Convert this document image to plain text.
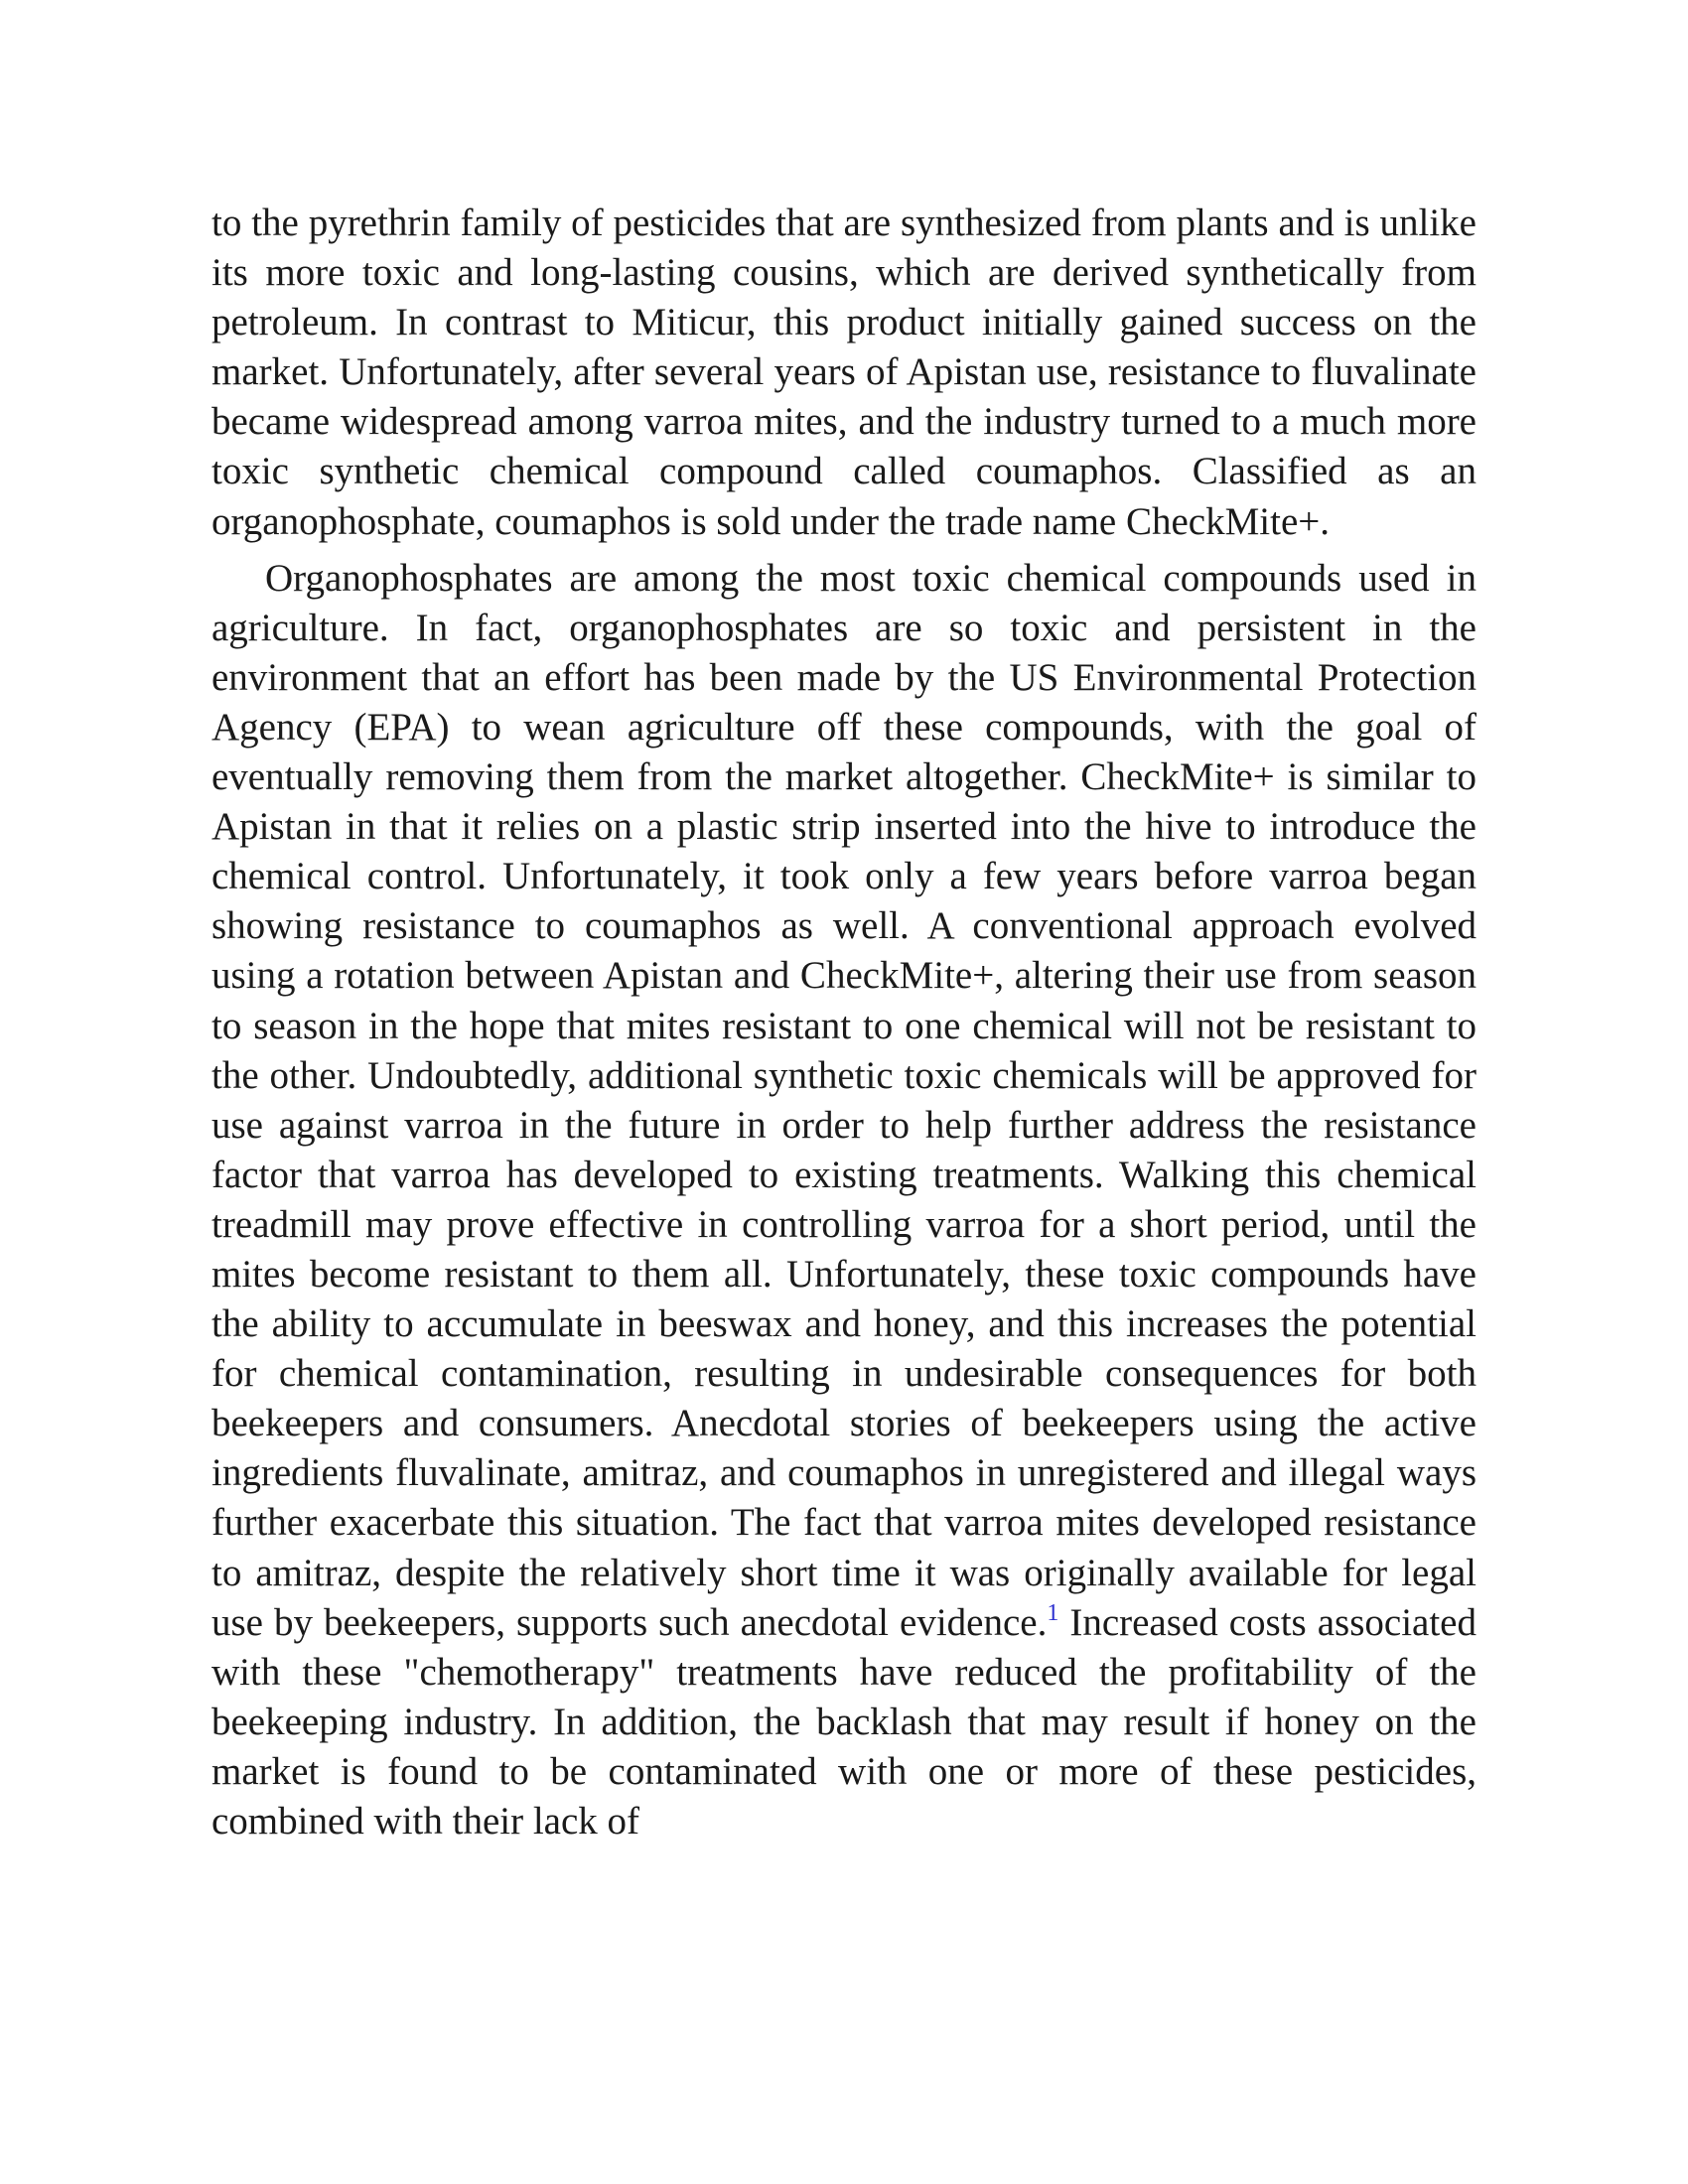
to the pyrethrin family of pesticides that are synthesized from plants and is unlike its more toxic and long-lasting cousins, which are derived synthetically from petroleum. In contrast to Miticur, this product initially gained success on the market. Unfortunately, after several years of Apistan use, resistance to fluvalinate became widespread among varroa mites, and the industry turned to a much more toxic synthetic chemical compound called coumaphos. Classified as an organophosphate, coumaphos is sold under the trade name CheckMite+.

Organophosphates are among the most toxic chemical compounds used in agriculture. In fact, organophosphates are so toxic and persistent in the environment that an effort has been made by the US Environmental Protection Agency (EPA) to wean agriculture off these compounds, with the goal of eventually removing them from the market altogether. CheckMite+ is similar to Apistan in that it relies on a plastic strip inserted into the hive to introduce the chemical control. Unfortunately, it took only a few years before varroa began showing resistance to coumaphos as well. A conventional approach evolved using a rotation between Apistan and CheckMite+, altering their use from season to season in the hope that mites resistant to one chemical will not be resistant to the other. Undoubtedly, additional synthetic toxic chemicals will be approved for use against varroa in the future in order to help further address the resistance factor that varroa has developed to existing treatments. Walking this chemical treadmill may prove effective in controlling varroa for a short period, until the mites become resistant to them all. Unfortunately, these toxic compounds have the ability to accumulate in beeswax and honey, and this increases the potential for chemical contamination, resulting in undesirable consequences for both beekeepers and consumers. Anecdotal stories of beekeepers using the active ingredients fluvalinate, amitraz, and coumaphos in unregistered and illegal ways further exacerbate this situation. The fact that varroa mites developed resistance to amitraz, despite the relatively short time it was originally available for legal use by beekeepers, supports such anecdotal evidence.$^1$ Increased costs associated with these "chemotherapy" treatments have reduced the profitability of the beekeeping industry. In addition, the backlash that may result if honey on the market is found to be contaminated with one or more of these pesticides, combined with their lack of
